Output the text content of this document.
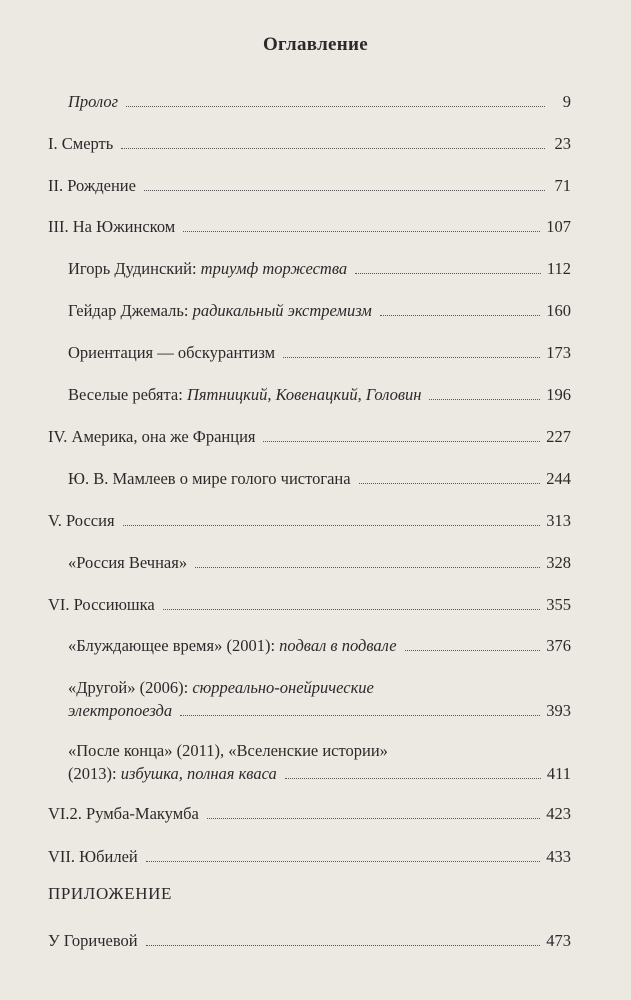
Оглавление
Пролог	9
I. Смерть	23
II. Рождение	71
III. На Южинском	107
Игорь Дудинский: триумф торжества	112
Гейдар Джемаль: радикальный экстремизм	160
Ориентация — обскурантизм	173
Веселые ребята: Пятницкий, Ковенацкий, Головин	196
IV. Америка, она же Франция	227
Ю. В. Мамлеев о мире голого чистогана	244
V. Россия	313
«Россия Вечная»	328
VI. Россиюшка	355
«Блуждающее время» (2001): подвал в подвале	376
«Другой» (2006): сюрреально-онейрические
электропоезда	393
«После конца» (2011), «Вселенские истории»
(2013): избушка, полная кваса	411
VI.2. Румба-Макумба	423
VII. Юбилей	433
ПРИЛОЖЕНИЕ
У Горичевой	473
